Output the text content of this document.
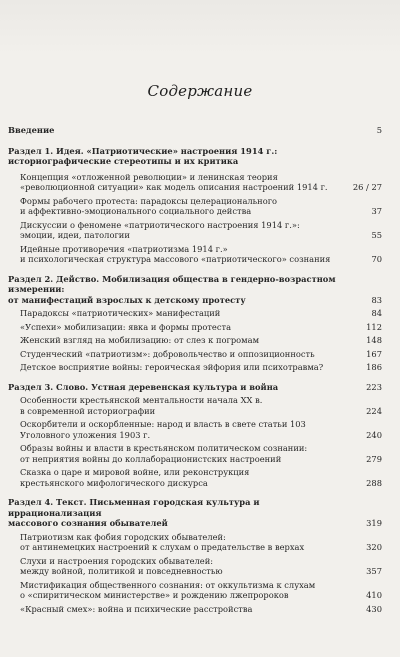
Содержание
Введение	5
Раздел 1. Идея. «Патриотические» настроения 1914 г.:
историографические стереотипы и их критика
Концепция «отложенной революции» и ленинская теория
«революционной ситуации» как модель описания настроений 1914 г.	26 / 27
Формы рабочего протеста: парадоксы целерационального
и аффективно-эмоционального социального действа	37
Дискуссии о феномене «патриотического настроения 1914 г.»:
эмоции, идеи, патологии	55
Идейные противоречия «патриотизма 1914 г.»
и психологическая структура массового «патриотического» сознания	70
Раздел 2. Действо. Мобилизация общества в гендерно-возрастном измерении:
от манифестаций взрослых к детскому протесту	83
Парадоксы «патриотических» манифестаций	84
«Успехи» мобилизации: явка и формы протеста	112
Женский взгляд на мобилизацию: от слез к погромам	148
Студенческий «патриотизм»: добровольчество и оппозиционность	167
Детское восприятие войны: героическая эйфория или психотравма?	186
Раздел 3. Слово. Устная деревенская культура и война	223
Особенности крестьянской ментальности начала XX в.
в современной историографии	224
Оскорбители и оскорбленные: народ и власть в свете статьи 103
Уголовного уложения 1903 г.	240
Образы войны и власти в крестьянском политическом сознании:
от неприятия войны до коллаборационистских настроений	279
Сказка о царе и мировой войне, или реконструкция
крестьянского мифологического дискурса	288
Раздел 4. Текст. Письменная городская культура и иррационализация
массового сознания обывателей	319
Патриотизм как фобия городских обывателей:
от антинемецких настроений к слухам о предательстве в верхах	320
Слухи и настроения городских обывателей:
между войной, политикой и повседневностью	357
Мистификация общественного сознания: от оккультизма к слухам
о «спиритическом министерстве» и рождению лжепророков	410
«Красный смех»: война и психические расстройства	430
